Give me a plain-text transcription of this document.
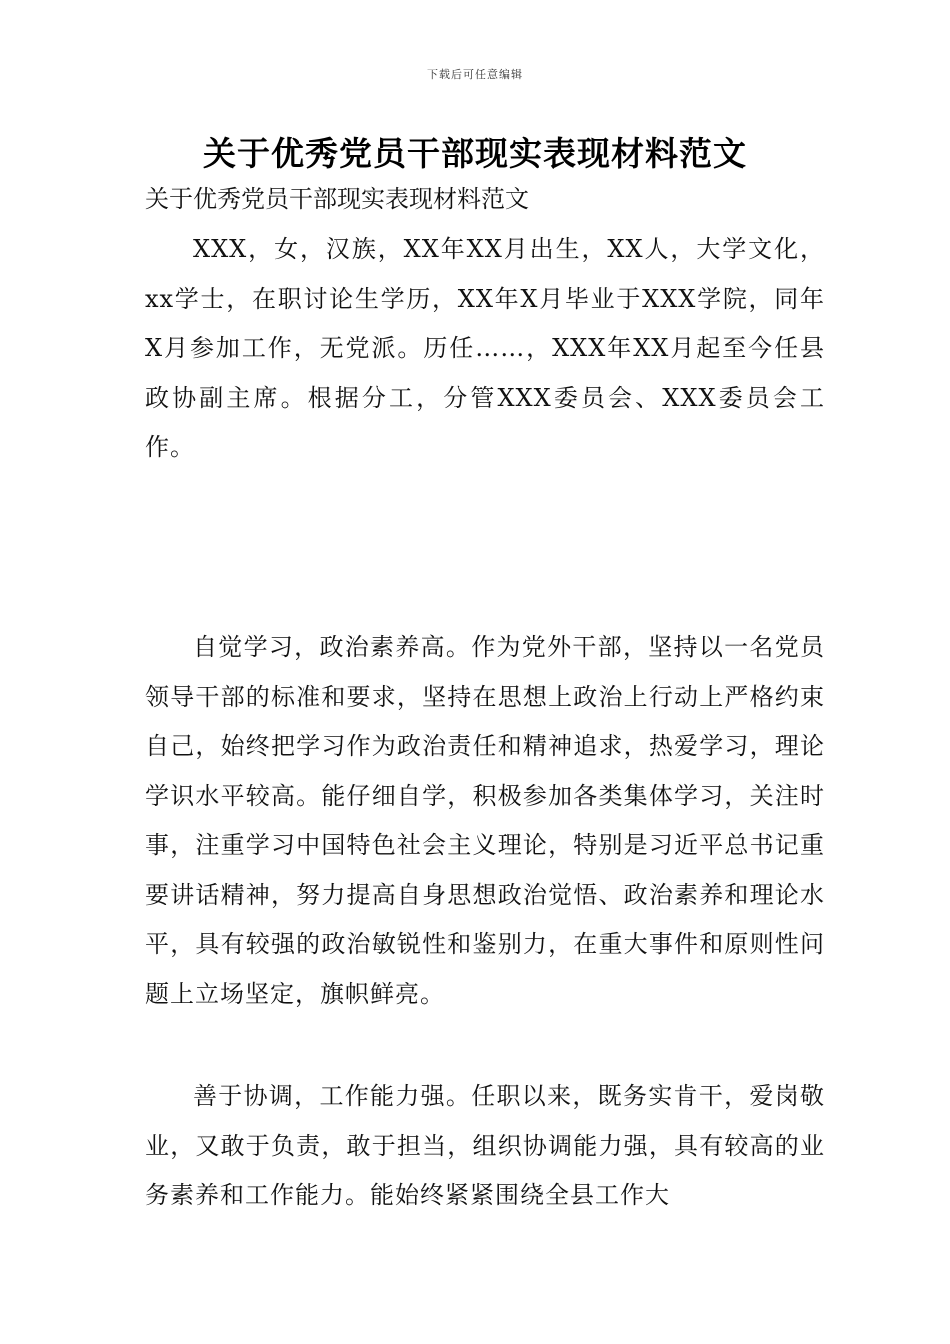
下载后可任意编辑
关于优秀党员干部现实表现材料范文
关于优秀党员干部现实表现材料范文

XXX，女，汉族，XX年XX月出生，XX人，大学文化，xx学士，在职讨论生学历，XX年X月毕业于XXX学院，同年X月参加工作，无党派。历任……，XXX年XX月起至今任县政协副主席。根据分工，分管XXX委员会、XXX委员会工作。

自觉学习，政治素养高。作为党外干部，坚持以一名党员领导干部的标准和要求，坚持在思想上政治上行动上严格约束自己，始终把学习作为政治责任和精神追求，热爱学习，理论学识水平较高。能仔细自学，积极参加各类集体学习，关注时事，注重学习中国特色社会主义理论，特别是习近平总书记重要讲话精神，努力提高自身思想政治觉悟、政治素养和理论水平，具有较强的政治敏锐性和鉴别力，在重大事件和原则性问题上立场坚定，旗帜鲜亮。

善于协调，工作能力强。任职以来，既务实肯干，爱岗敬业，又敢于负责，敢于担当，组织协调能力强，具有较高的业务素养和工作能力。能始终紧紧围绕全县工作大
